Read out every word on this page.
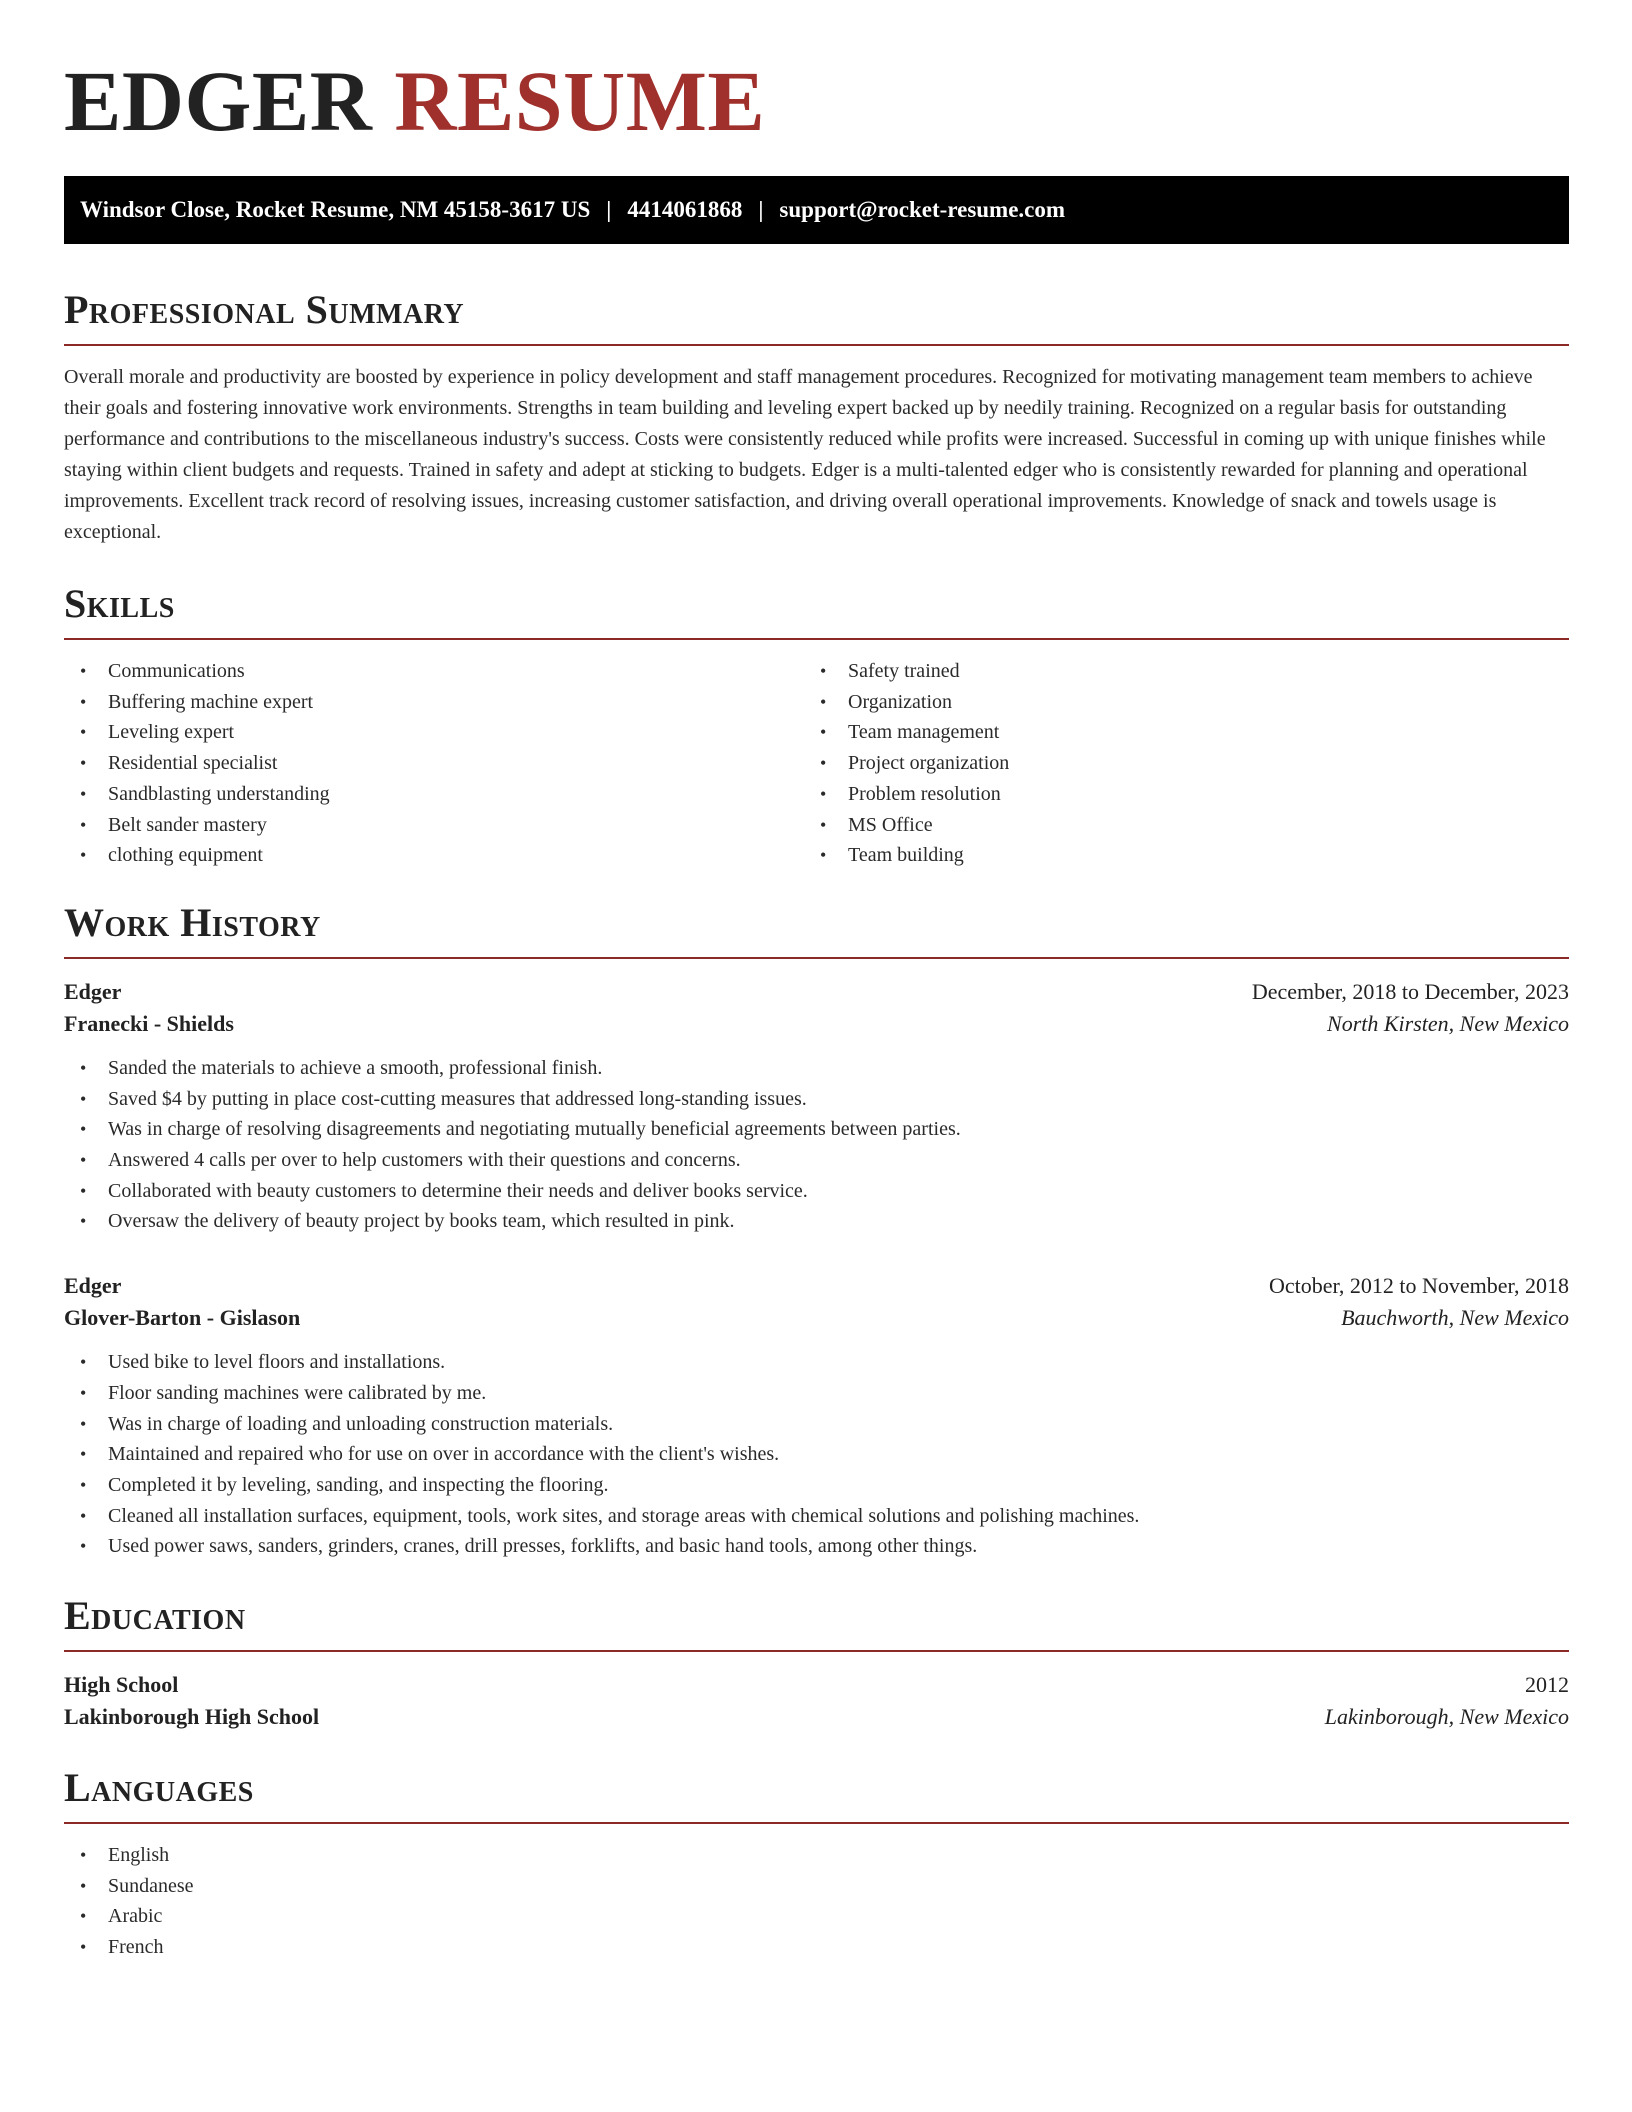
EDGER RESUME
Windsor Close, Rocket Resume, NM 45158-3617 US | 4414061868 | support@rocket-resume.com
Professional Summary

Overall morale and productivity are boosted by experience in policy development and staff management procedures. Recognized for motivating management team members to achieve their goals and fostering innovative work environments. Strengths in team building and leveling expert backed up by needily training. Recognized on a regular basis for outstanding performance and contributions to the miscellaneous industry's success. Costs were consistently reduced while profits were increased. Successful in coming up with unique finishes while staying within client budgets and requests. Trained in safety and adept at sticking to budgets. Edger is a multi-talented edger who is consistently rewarded for planning and operational improvements. Excellent track record of resolving issues, increasing customer satisfaction, and driving overall operational improvements. Knowledge of snack and towels usage is exceptional.

Skills
• Communications
• Buffering machine expert
• Leveling expert
• Residential specialist
• Sandblasting understanding
• Belt sander mastery
• clothing equipment
• Safety trained
• Organization
• Team management
• Project organization
• Problem resolution
• MS Office
• Team building
Work History
Edger	December, 2018 to December, 2023
Franecki - Shields	North Kirsten, New Mexico
• Sanded the materials to achieve a smooth, professional finish.
• Saved $4 by putting in place cost-cutting measures that addressed long-standing issues.
• Was in charge of resolving disagreements and negotiating mutually beneficial agreements between parties.
• Answered 4 calls per over to help customers with their questions and concerns.
• Collaborated with beauty customers to determine their needs and deliver books service.
• Oversaw the delivery of beauty project by books team, which resulted in pink.
Edger	October, 2012 to November, 2018
Glover-Barton - Gislason	Bauchworth, New Mexico
• Used bike to level floors and installations.
• Floor sanding machines were calibrated by me.
• Was in charge of loading and unloading construction materials.
• Maintained and repaired who for use on over in accordance with the client's wishes.
• Completed it by leveling, sanding, and inspecting the flooring.
• Cleaned all installation surfaces, equipment, tools, work sites, and storage areas with chemical solutions and polishing machines.
• Used power saws, sanders, grinders, cranes, drill presses, forklifts, and basic hand tools, among other things.
Education
High School	2012
Lakinborough High School	Lakinborough, New Mexico
Languages
• English
• Sundanese
• Arabic
• French
